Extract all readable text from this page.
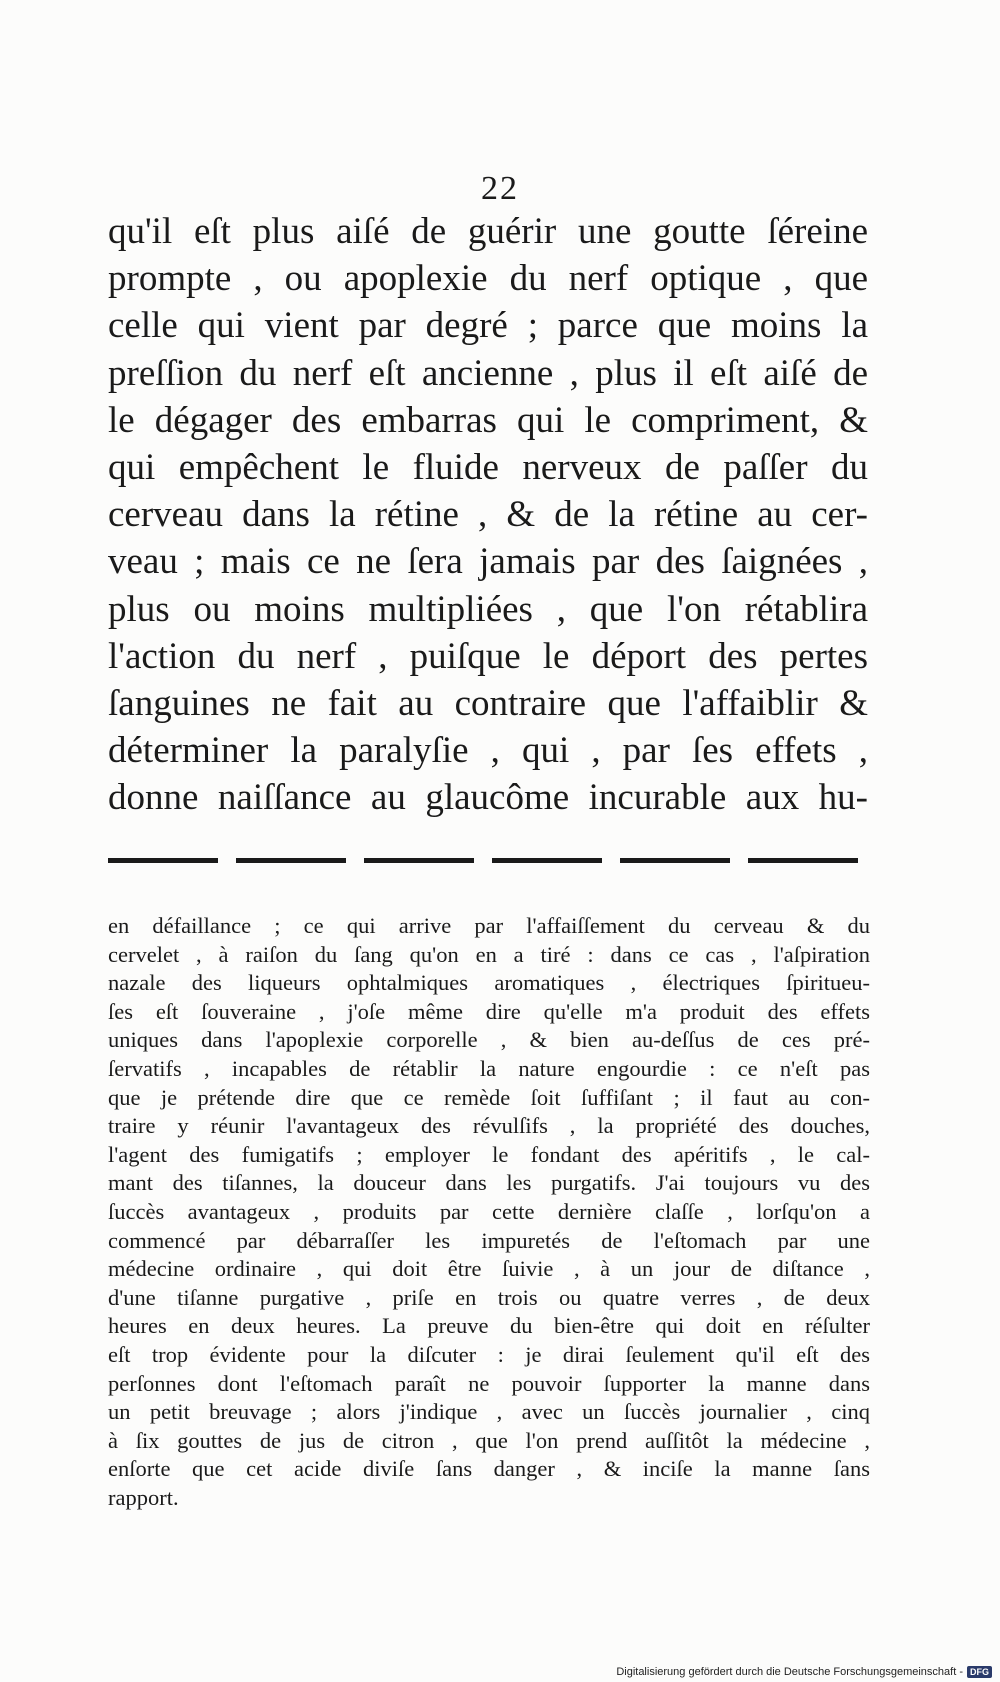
22
qu'il eſt plus aiſé de guérir une goutte ſéreine
prompte , ou apoplexie du nerf optique , que
celle qui vient par degré ; parce que moins la
preſſion du nerf eſt ancienne , plus il eſt aiſé de
le dégager des embarras qui le compriment, &
qui empêchent le fluide nerveux de paſſer du
cerveau dans la rétine , & de la rétine au cer-
veau ; mais ce ne ſera jamais par des ſaignées ,
plus ou moins multipliées , que l'on rétablira
l'action du nerf , puiſque le déport des pertes
ſanguines ne fait au contraire que l'affaiblir &
déterminer la paralyſie , qui , par ſes effets ,
donne naiſſance au glaucôme incurable aux hu-
en défaillance ; ce qui arrive par l'affaiſſement du cerveau & du
cervelet , à raiſon du ſang qu'on en a tiré : dans ce cas , l'aſpiration
nazale des liqueurs ophtalmiques aromatiques , électriques ſpiritueu-
ſes eſt ſouveraine , j'oſe même dire qu'elle m'a produit des effets
uniques dans l'apoplexie corporelle , & bien au-deſſus de ces pré-
ſervatifs , incapables de rétablir la nature engourdie : ce n'eſt pas
que je prétende dire que ce remède ſoit ſuffiſant ; il faut au con-
traire y réunir l'avantageux des révulſifs , la propriété des douches,
l'agent des fumigatifs ; employer le fondant des apéritifs , le cal-
mant des tiſannes, la douceur dans les purgatifs. J'ai toujours vu des
ſuccès avantageux , produits par cette dernière claſſe , lorſqu'on a
commencé par débarraſſer les impuretés de l'eſtomach par une
médecine ordinaire , qui doit être ſuivie , à un jour de diſtance ,
d'une tiſanne purgative , priſe en trois ou quatre verres , de deux
heures en deux heures. La preuve du bien-être qui doit en réſulter
eſt trop évidente pour la diſcuter : je dirai ſeulement qu'il eſt des
perſonnes dont l'eſtomach paraît ne pouvoir ſupporter la manne dans
un petit breuvage ; alors j'indique , avec un ſuccès journalier , cinq
à ſix gouttes de jus de citron , que l'on prend auſſitôt la médecine ,
enſorte que cet acide diviſe ſans danger , & inciſe la manne ſans
rapport.
Digitalisierung gefördert durch die Deutsche Forschungsgemeinschaft - DFG
